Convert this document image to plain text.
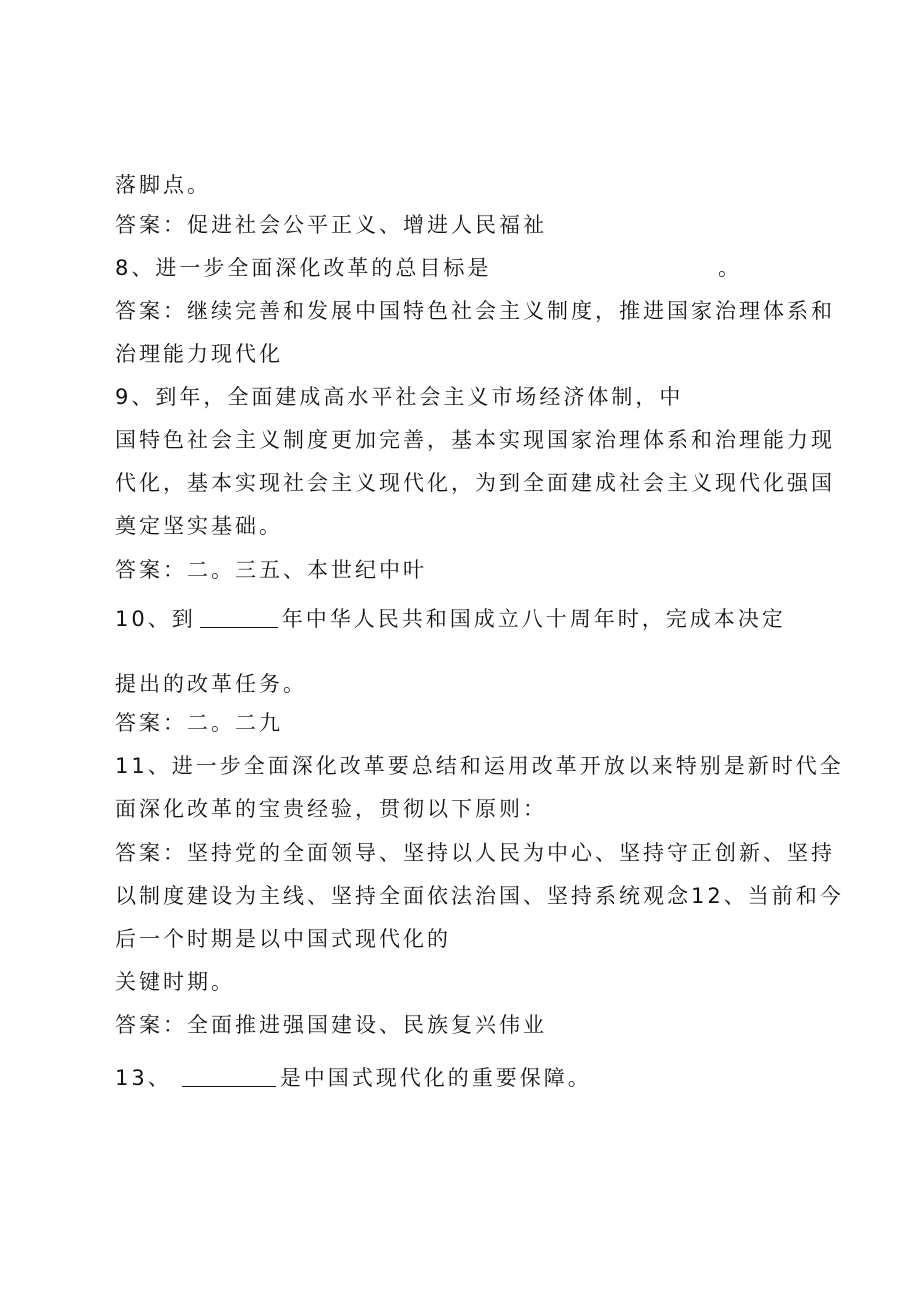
落脚点。
答案：促进社会公平正义、增进人民福祉
8、进一步全面深化改革的总目标是	。
答案：继续完善和发展中国特色社会主义制度，推进国家治理体系和
治理能力现代化
9、到年，全面建成高水平社会主义市场经济体制，中
国特色社会主义制度更加完善，基本实现国家治理体系和治理能力现
代化，基本实现社会主义现代化，为到全面建成社会主义现代化强国
奠定坚实基础。
答案：二。三五、本世纪中叶
10、到	年中华人民共和国成立八十周年时，完成本决定
提出的改革任务。
答案：二。二九
11、进一步全面深化改革要总结和运用改革开放以来特别是新时代全
面深化改革的宝贵经验，贯彻以下原则：
答案：坚持党的全面领导、坚持以人民为中心、坚持守正创新、坚持
以制度建设为主线、坚持全面依法治国、坚持系统观念12、当前和今
后一个时期是以中国式现代化的
关键时期。
答案：全面推进强国建设、民族复兴伟业
13、	是中国式现代化的重要保障。
